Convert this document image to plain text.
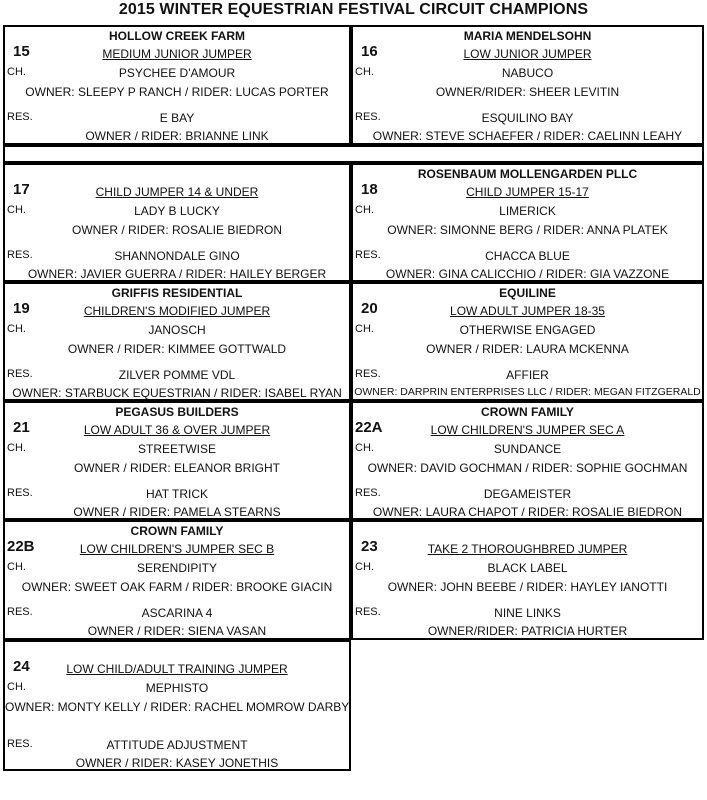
2015 WINTER EQUESTRIAN FESTIVAL CIRCUIT CHAMPIONS
HOLLOW CREEK FARM
15	MEDIUM JUNIOR JUMPER
CH.	PSYCHEE D'AMOUR
OWNER: SLEEPY P RANCH / RIDER: LUCAS PORTER
RES.	E BAY
OWNER / RIDER: BRIANNE LINK
MARIA MENDELSOHN
16	LOW JUNIOR JUMPER
CH.	NABUCO
OWNER/RIDER: SHEER LEVITIN
RES.	ESQUILINO BAY
OWNER: STEVE SCHAEFER / RIDER: CAELINN LEAHY
17	CHILD JUMPER 14 & UNDER
CH.	LADY B LUCKY
OWNER / RIDER: ROSALIE BIEDRON
RES.	SHANNONDALE GINO
OWNER: JAVIER GUERRA / RIDER: HAILEY BERGER
ROSENBAUM MOLLENGARDEN PLLC
18	CHILD JUMPER 15-17
CH.	LIMERICK
OWNER: SIMONNE BERG / RIDER: ANNA PLATEK
RES.	CHACCA BLUE
OWNER: GINA CALICCHIO / RIDER: GIA VAZZONE
GRIFFIS RESIDENTIAL
19	CHILDREN'S MODIFIED JUMPER
CH.	JANOSCH
OWNER / RIDER: KIMMEE GOTTWALD
RES.	ZILVER POMME VDL
OWNER: STARBUCK EQUESTRIAN / RIDER: ISABEL RYAN
EQUILINE
20	LOW ADULT JUMPER 18-35
CH.	OTHERWISE ENGAGED
OWNER / RIDER: LAURA MCKENNA
RES.	AFFIER
OWNER: DARPRIN ENTERPRISES LLC / RIDER: MEGAN FITZGERALD
PEGASUS BUILDERS
21	LOW ADULT 36 & OVER JUMPER
CH.	STREETWISE
OWNER / RIDER: ELEANOR BRIGHT
RES.	HAT TRICK
OWNER / RIDER: PAMELA STEARNS
CROWN FAMILY
22A	LOW CHILDREN'S JUMPER SEC A
CH.	SUNDANCE
OWNER: DAVID GOCHMAN / RIDER: SOPHIE GOCHMAN
RES.	DEGAMEISTER
OWNER: LAURA CHAPOT / RIDER: ROSALIE BIEDRON
CROWN FAMILY
22B	LOW CHILDREN'S JUMPER SEC B
CH.	SERENDIPITY
OWNER: SWEET OAK FARM / RIDER: BROOKE GIACIN
RES.	ASCARINA 4
OWNER / RIDER: SIENA VASAN
23	TAKE 2 THOROUGHBRED JUMPER
CH.	BLACK LABEL
OWNER: JOHN BEEBE / RIDER: HAYLEY IANOTTI
RES.	NINE LINKS
OWNER/RIDER: PATRICIA HURTER
24	LOW CHILD/ADULT TRAINING JUMPER
CH.	MEPHISTO
OWNER: MONTY KELLY / RIDER: RACHEL MOMROW DARBY
RES.	ATTITUDE ADJUSTMENT
OWNER / RIDER: KASEY JONETHIS
